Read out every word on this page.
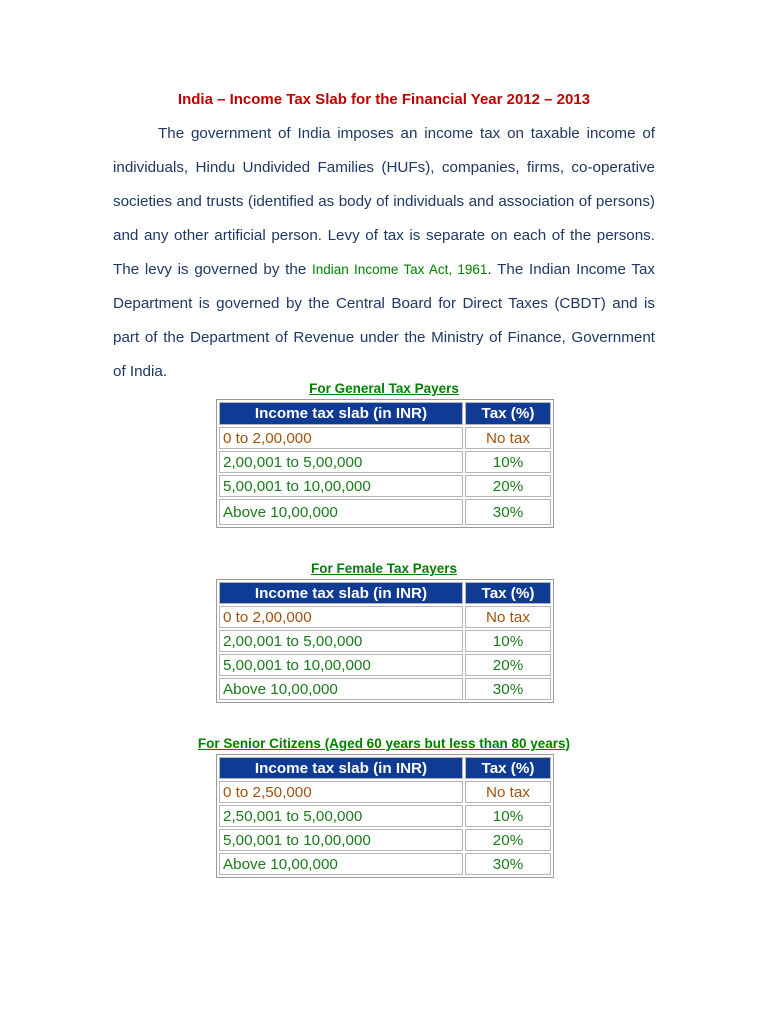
India – Income Tax Slab for the Financial Year 2012 – 2013
The government of India imposes an income tax on taxable income of individuals, Hindu Undivided Families (HUFs), companies, firms, co-operative societies and trusts (identified as body of individuals and association of persons) and any other artificial person. Levy of tax is separate on each of the persons. The levy is governed by the Indian Income Tax Act, 1961. The Indian Income Tax Department is governed by the Central Board for Direct Taxes (CBDT) and is part of the Department of Revenue under the Ministry of Finance, Government of India.
For General Tax Payers
Income tax slab (in INR)	Tax (%)
0 to 2,00,000	No tax
2,00,001 to 5,00,000	10%
5,00,001 to 10,00,000	20%
Above 10,00,000	30%
For Female Tax Payers
Income tax slab (in INR)	Tax (%)
0 to 2,00,000	No tax
2,00,001 to 5,00,000	10%
5,00,001 to 10,00,000	20%
Above 10,00,000	30%
For Senior Citizens (Aged 60 years but less than 80 years)
Income tax slab (in INR)	Tax (%)
0 to 2,50,000	No tax
2,50,001 to 5,00,000	10%
5,00,001 to 10,00,000	20%
Above 10,00,000	30%
